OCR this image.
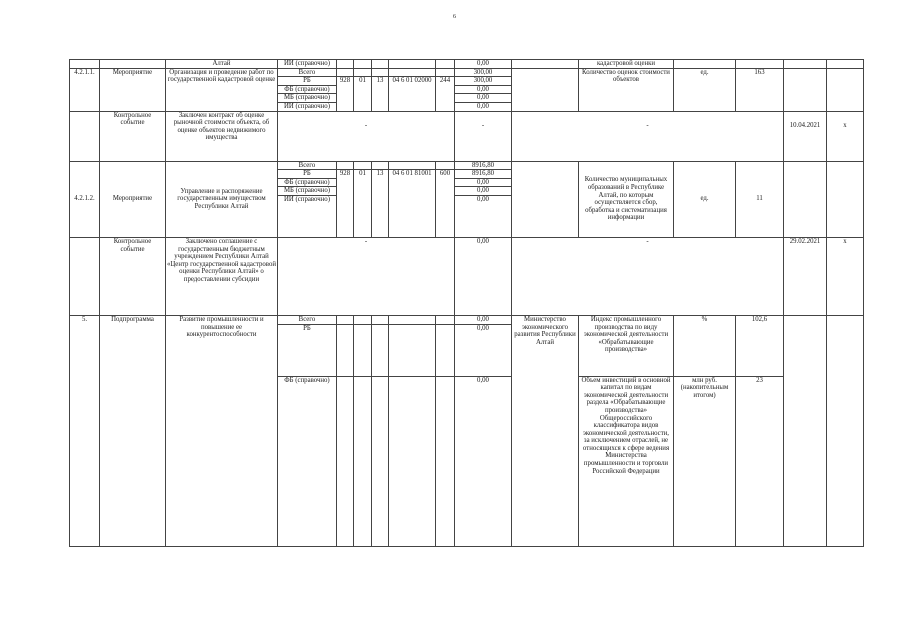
6
		Алтай	ИИ (справочно)						0,00		кадастровой оценки				
4.2.1.1.	Мероприятие	Организация и проведение работ по государственной кадастровой оценке	Всего						300,00		Количество оценок стоимости объектов	ед.	163		
			РБ	928	01	13	04 6 01 02000	244	300,00						
			ФБ (справочно)						0,00						
			МБ (справочно)						0,00						
			ИИ (справочно)						0,00						
	Контрольное событие	Заключен контракт об оценке рыночной стоимости объекта, об оценке объектов недвижимого имущества	-						-	-				10.04.2021	х
4.2.1.2.	Мероприятие	Управление и распоряжение государственным имуществом Республики Алтай	Всего						8916,80		Количество муниципальных образований в Республике Алтай, по которым осуществляется сбор, обработка и систематизация информации	ед.	11		
			РБ	928	01	13	04 6 01 81001	600	8916,80						
			ФБ (справочно)						0,00						
			МБ (справочно)						0,00						
			ИИ (справочно)						0,00						
	Контрольное событие	Заключено соглашение с государственным бюджетным учреждением Республики Алтай «Центр государственной кадастровой оценки Республики Алтай» о предоставлении субсидии	-						0,00	-				29.02.2021	х
5.	Подпрограмма	Развитие промышленности и повышение ее конкурентоспособности	Всего						0,00	Министерство экономического развития Республики Алтай	Индекс промышленного производства по виду экономической деятельности «Обрабатывающие производства»	%	102,6		
			РБ						0,00						
			ФБ (справочно)						0,00		Объем инвестиций в основной капитал по видам экономической деятельности раздела «Обрабатывающие производства» Общероссийского классификатора видов экономической деятельности, за исключением отраслей, не относящихся к сфере ведения Министерства промышленности и торговли Российской Федерации	млн руб. (накопительным итогом)	23		
